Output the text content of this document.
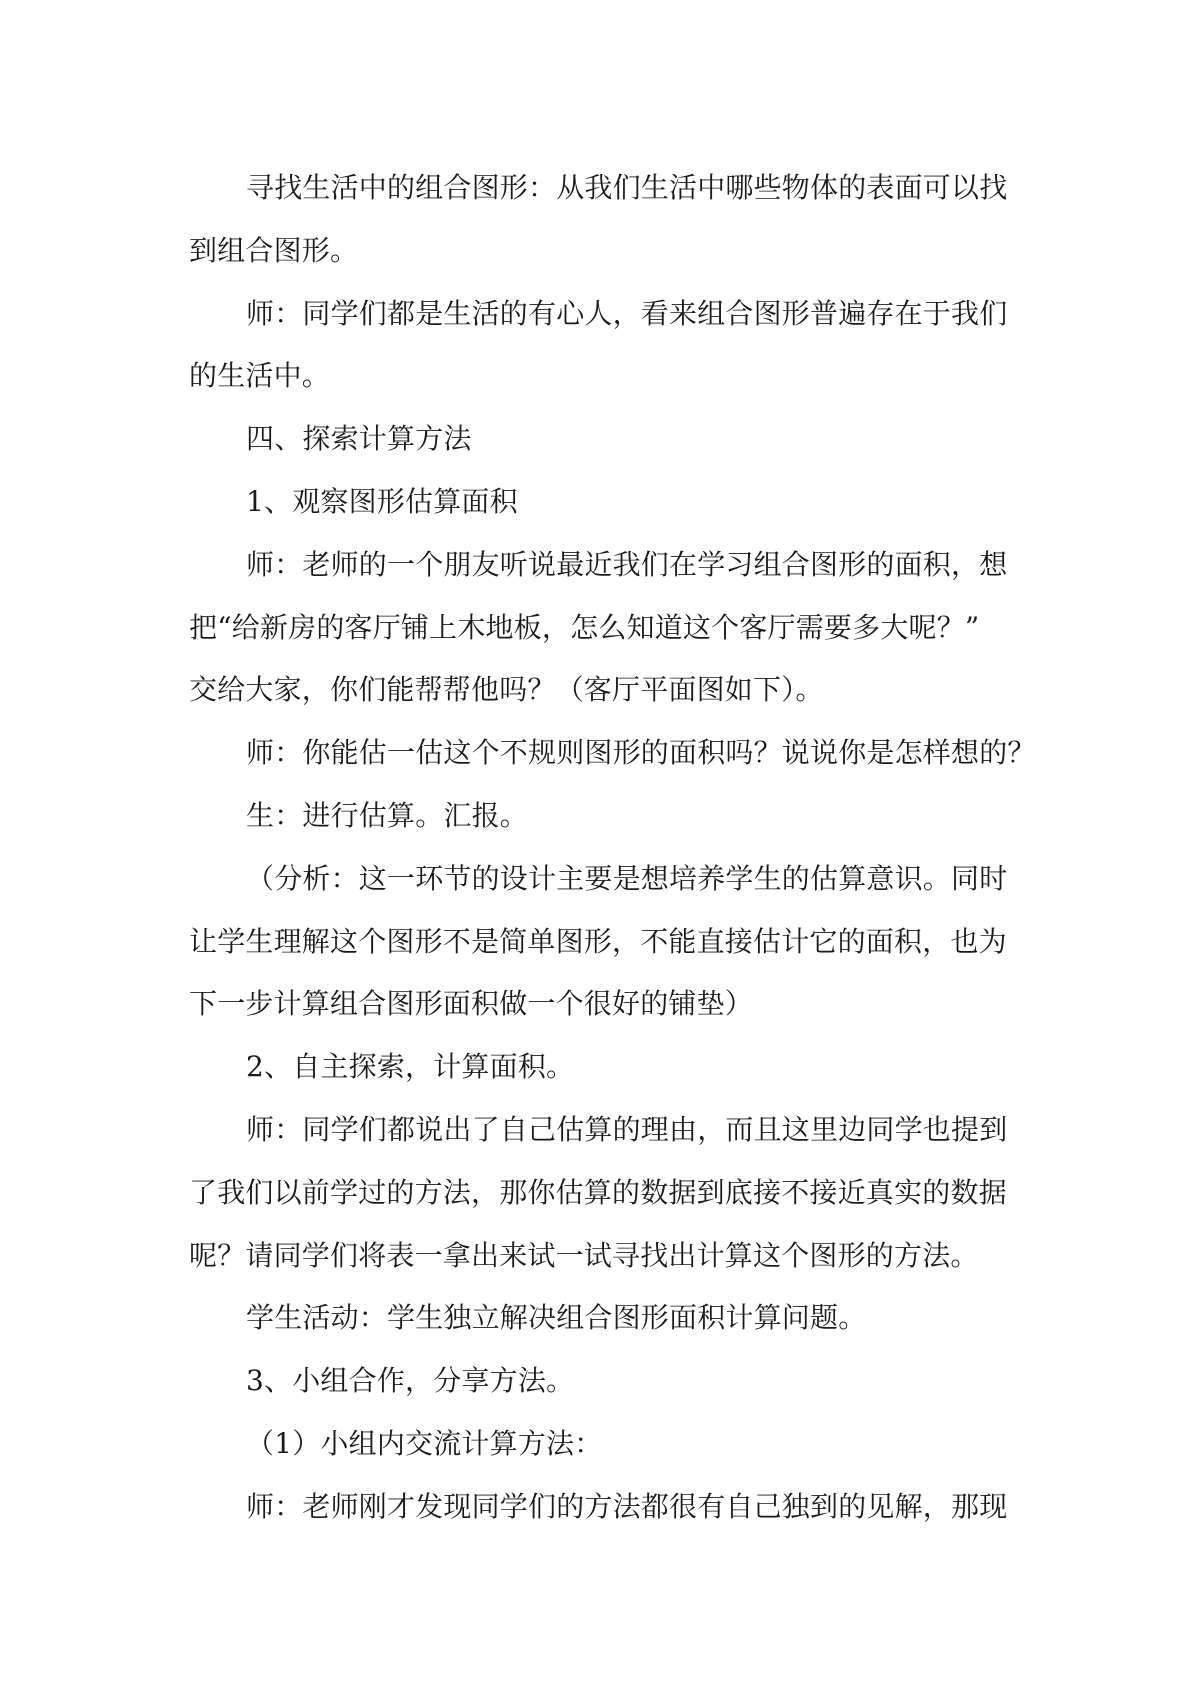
寻找生活中的组合图形：从我们生活中哪些物体的表面可以找
到组合图形。
师：同学们都是生活的有心人，看来组合图形普遍存在于我们
的生活中。
四、探索计算方法
1、观察图形估算面积
师：老师的一个朋友听说最近我们在学习组合图形的面积，想
把“给新房的客厅铺上木地板，怎么知道这个客厅需要多大呢？”
交给大家，你们能帮帮他吗？（客厅平面图如下）。
师：你能估一估这个不规则图形的面积吗？说说你是怎样想的？
生：进行估算。汇报。
（分析：这一环节的设计主要是想培养学生的估算意识。同时
让学生理解这个图形不是简单图形，不能直接估计它的面积，也为
下一步计算组合图形面积做一个很好的铺垫）
2、自主探索，计算面积。
师：同学们都说出了自己估算的理由，而且这里边同学也提到
了我们以前学过的方法，那你估算的数据到底接不接近真实的数据
呢？请同学们将表一拿出来试一试寻找出计算这个图形的方法。
学生活动：学生独立解决组合图形面积计算问题。
3、小组合作，分享方法。
（1）小组内交流计算方法：
师：老师刚才发现同学们的方法都很有自己独到的见解，那现
